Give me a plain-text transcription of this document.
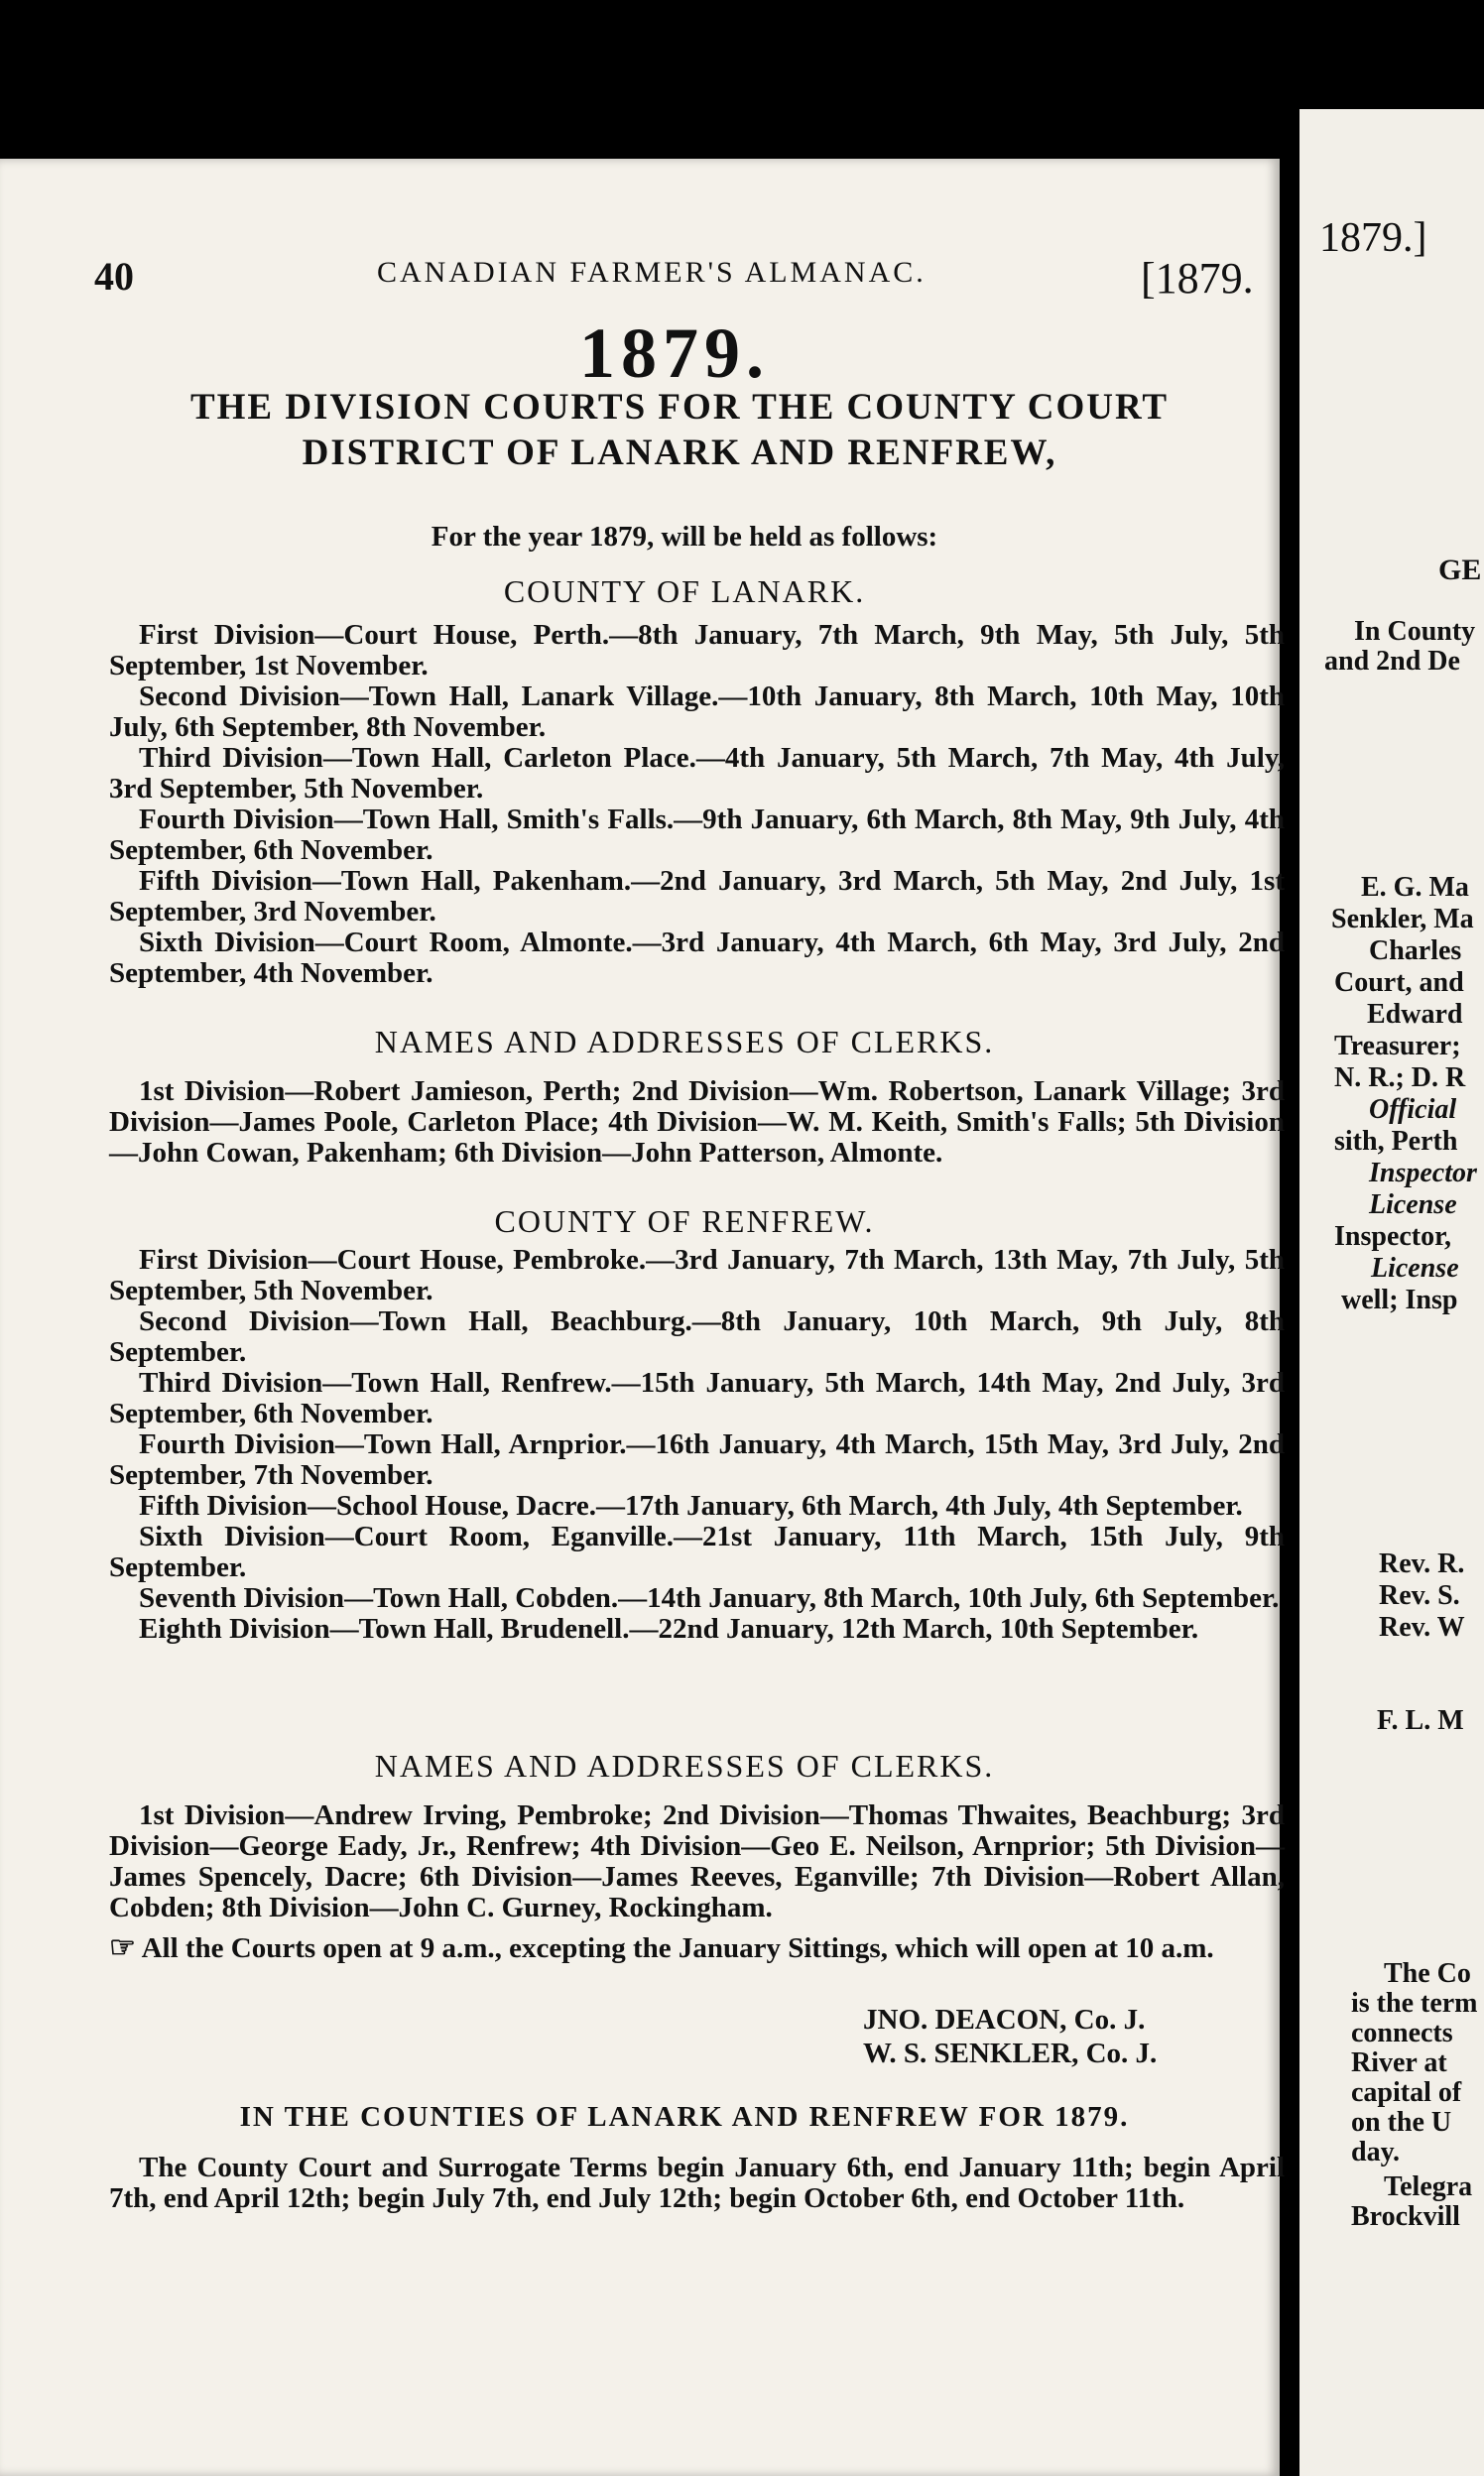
40	CANADIAN FARMER'S ALMANAC.	[1879.
1879.
THE DIVISION COURTS FOR THE COUNTY COURT
DISTRICT OF LANARK AND RENFREW,
For the year 1879, will be held as follows:
COUNTY OF LANARK.

First Division—Court House, Perth.—8th January, 7th March, 9th May, 5th July, 5th September, 1st November.

Second Division—Town Hall, Lanark Village.—10th January, 8th March, 10th May, 10th July, 6th September, 8th November.

Third Division—Town Hall, Carleton Place.—4th January, 5th March, 7th May, 4th July, 3rd September, 5th November.

Fourth Division—Town Hall, Smith's Falls.—9th January, 6th March, 8th May, 9th July, 4th September, 6th November.

Fifth Division—Town Hall, Pakenham.—2nd January, 3rd March, 5th May, 2nd July, 1st September, 3rd November.

Sixth Division—Court Room, Almonte.—3rd January, 4th March, 6th May, 3rd July, 2nd September, 4th November.

NAMES AND ADDRESSES OF CLERKS.

1st Division—Robert Jamieson, Perth; 2nd Division—Wm. Robertson, Lanark Village; 3rd Division—James Poole, Carleton Place; 4th Division—W. M. Keith, Smith's Falls; 5th Division—John Cowan, Pakenham; 6th Division—John Patterson, Almonte.

COUNTY OF RENFREW.

First Division—Court House, Pembroke.—3rd January, 7th March, 13th May, 7th July, 5th September, 5th November.

Second Division—Town Hall, Beachburg.—8th January, 10th March, 9th July, 8th September.

Third Division—Town Hall, Renfrew.—15th January, 5th March, 14th May, 2nd July, 3rd September, 6th November.

Fourth Division—Town Hall, Arnprior.—16th January, 4th March, 15th May, 3rd July, 2nd September, 7th November.

Fifth Division—School House, Dacre.—17th January, 6th March, 4th July, 4th September.

Sixth Division—Court Room, Eganville.—21st January, 11th March, 15th July, 9th September.

Seventh Division—Town Hall, Cobden.—14th January, 8th March, 10th July, 6th September.

Eighth Division—Town Hall, Brudenell.—22nd January, 12th March, 10th September.

NAMES AND ADDRESSES OF CLERKS.

1st Division—Andrew Irving, Pembroke; 2nd Division—Thomas Thwaites, Beachburg; 3rd Division—George Eady, Jr., Renfrew; 4th Division—Geo E. Neilson, Arnprior; 5th Division—James Spencely, Dacre; 6th Division—James Reeves, Eganville; 7th Division—Robert Allan, Cobden; 8th Division—John C. Gurney, Rockingham.

☞ All the Courts open at 9 a.m., excepting the January Sittings, which will open at 10 a.m.

JNO. DEACON, Co. J.
W. S. SENKLER, Co. J.
IN THE COUNTIES OF LANARK AND RENFREW FOR 1879.

The County Court and Surrogate Terms begin January 6th, end January 11th; begin April 7th, end April 12th; begin July 7th, end July 12th; begin October 6th, end October 11th.

1879.]
GE
In County
and 2nd De
E. G. Ma
Senkler, Ma
Charles
Court, and
Edward
Treasurer;
N. R.; D. R
Official
sith, Perth
Inspector
License
Inspector,
License
well; Insp
Rev. R.
Rev. S.
Rev. W
F. L. M
The Co
is the term
connects
River at
capital of
on the U
day.
Telegra
Brockvill
